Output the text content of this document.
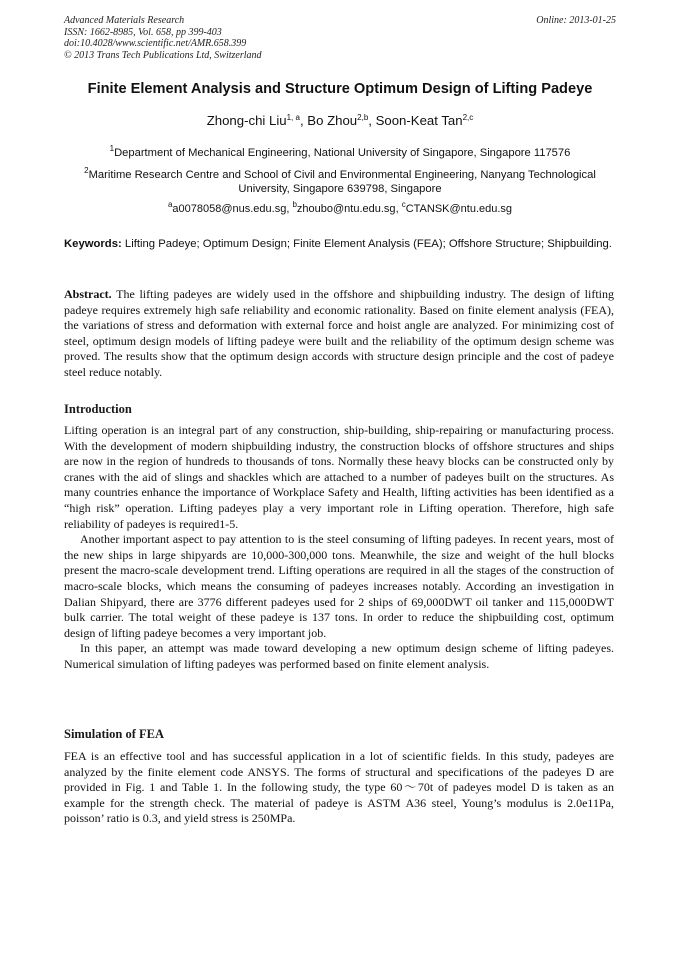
Advanced Materials Research
ISSN: 1662-8985, Vol. 658, pp 399-403
doi:10.4028/www.scientific.net/AMR.658.399
© 2013 Trans Tech Publications Ltd, Switzerland
Online: 2013-01-25
Finite Element Analysis and Structure Optimum Design of Lifting Padeye
Zhong-chi Liu$^{1, a}$, Bo Zhou$^{2,b}$, Soon-Keat Tan$^{2,c}$
$^1$Department of Mechanical Engineering, National University of Singapore, Singapore 117576
$^2$Maritime Research Centre and School of Civil and Environmental Engineering, Nanyang Technological University, Singapore 639798, Singapore
$^a$a0078058@nus.edu.sg, $^b$zhoubo@ntu.edu.sg, $^c$CTANSK@ntu.edu.sg
Keywords: Lifting Padeye; Optimum Design; Finite Element Analysis (FEA); Offshore Structure; Shipbuilding.

Abstract. The lifting padeyes are widely used in the offshore and shipbuilding industry. The design of lifting padeye requires extremely high safe reliability and economic rationality. Based on finite element analysis (FEA), the variations of stress and deformation with external force and hoist angle are analyzed. For minimizing cost of steel, optimum design models of lifting padeye were built and the reliability of the optimum design scheme was proved. The results show that the optimum design accords with structure design principle and the cost of padeye steel reduce notably.

Introduction

Lifting operation is an integral part of any construction, ship-building, ship-repairing or manufacturing process. With the development of modern shipbuilding industry, the construction blocks of offshore structures and ships are now in the region of hundreds to thousands of tons. Normally these heavy blocks can be constructed only by cranes with the aid of slings and shackles which are attached to a number of padeyes built on the structures. As many countries enhance the importance of Workplace Safety and Health, lifting activities has been identified as a “high risk” operation. Lifting padeyes play a very important role in Lifting operation. Therefore, high safe reliability of padeyes is required1-5.

Another important aspect to pay attention to is the steel consuming of lifting padeyes. In recent years, most of the new ships in large shipyards are 10,000-300,000 tons. Meanwhile, the size and weight of the hull blocks present the macro-scale development trend. Lifting operations are required in all the stages of the construction of macro-scale blocks, which means the consuming of padeyes increases notably. According an investigation in Dalian Shipyard, there are 3776 different padeyes used for 2 ships of 69,000DWT oil tanker and 115,000DWT bulk carrier. The total weight of these padeye is 137 tons. In order to reduce the shipbuilding cost, optimum design of lifting padeye becomes a very important job.

In this paper, an attempt was made toward developing a new optimum design scheme of lifting padeyes. Numerical simulation of lifting padeyes was performed based on finite element analysis.

Simulation of FEA

FEA is an effective tool and has successful application in a lot of scientific fields. In this study, padeyes are analyzed by the finite element code ANSYS. The forms of structural and specifications of the padeyes D are provided in Fig. 1 and Table 1. In the following study, the type 60～70t of padeyes model D is taken as an example for the strength check. The material of padeye is ASTM A36 steel, Young’s modulus is 2.0e11Pa, poisson’ ratio is 0.3, and yield stress is 250MPa.
